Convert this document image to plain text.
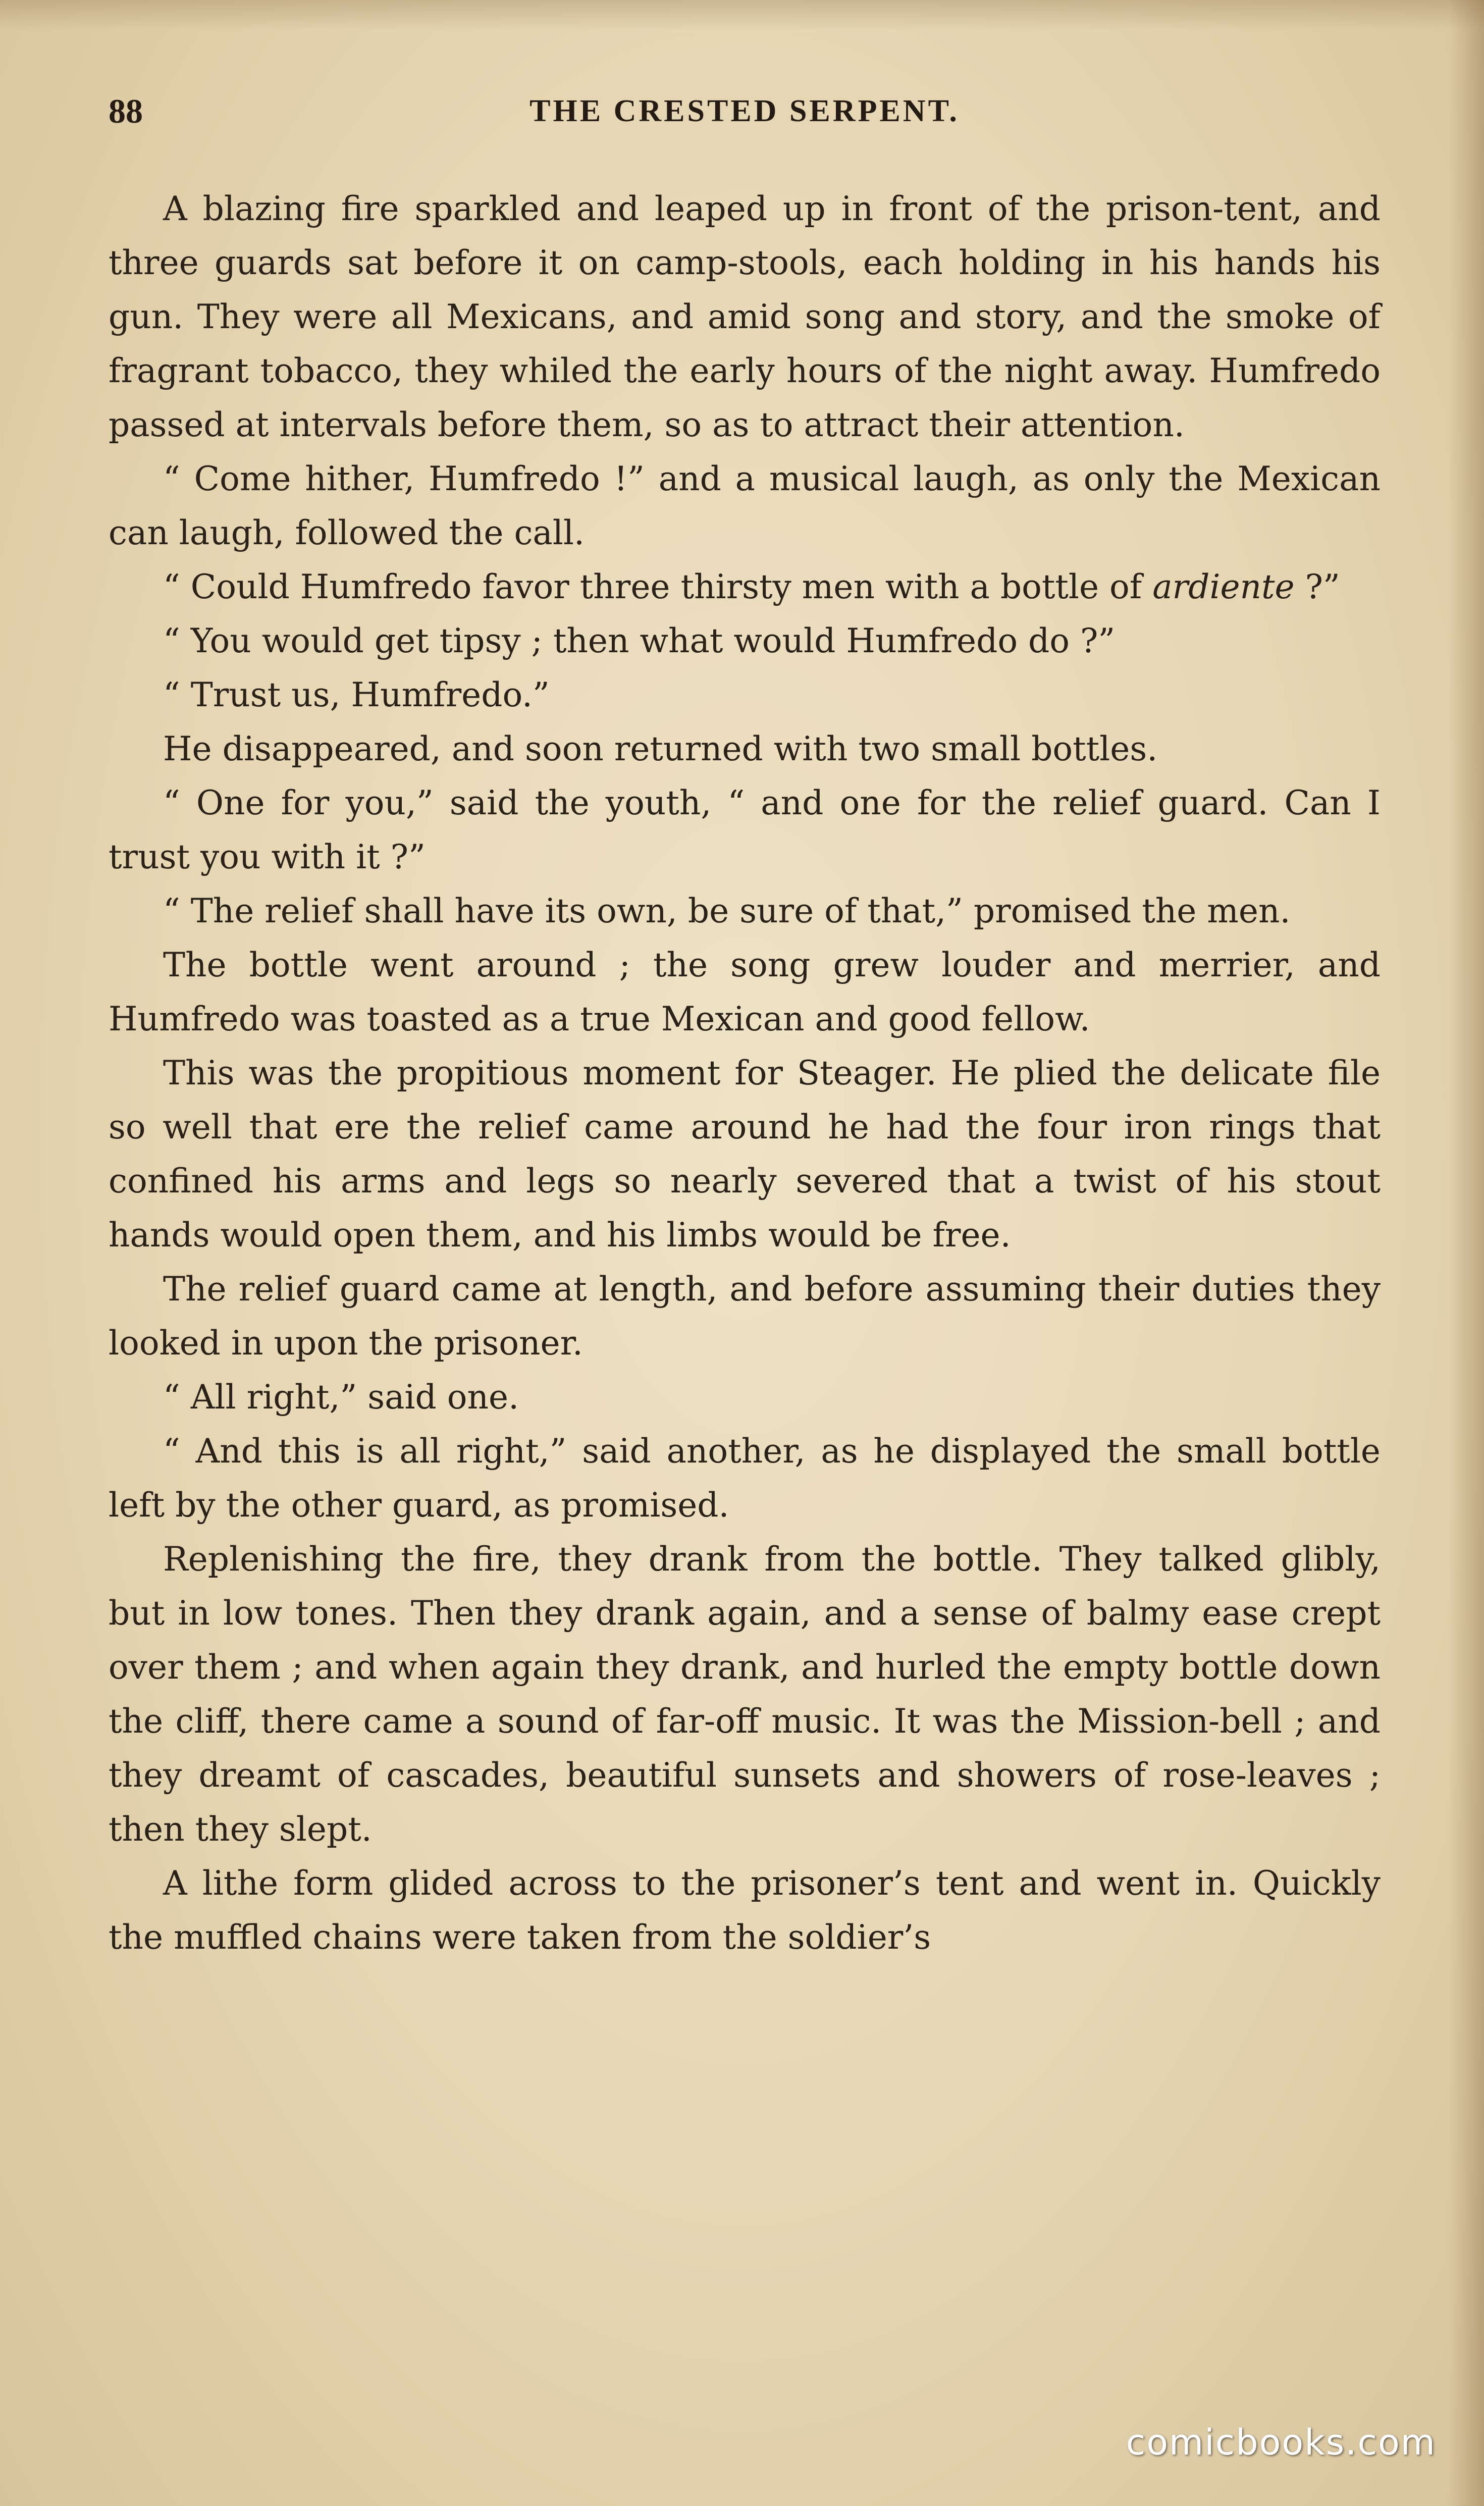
88	THE CRESTED SERPENT.

A blazing fire sparkled and leaped up in front of the prison-tent, and three guards sat before it on camp-stools, each holding in his hands his gun. They were all Mexicans, and amid song and story, and the smoke of fragrant tobacco, they whiled the early hours of the night away. Humfredo passed at intervals before them, so as to attract their attention.

“ Come hither, Humfredo !” and a musical laugh, as only the Mexican can laugh, followed the call.

“ Could Humfredo favor three thirsty men with a bottle of ardiente ?”

“ You would get tipsy ; then what would Humfredo do ?”

“ Trust us, Humfredo.”

He disappeared, and soon returned with two small bottles.

“ One for you,” said the youth, “ and one for the relief guard. Can I trust you with it ?”

“ The relief shall have its own, be sure of that,” promised the men.

The bottle went around ; the song grew louder and merrier, and Humfredo was toasted as a true Mexican and good fellow.

This was the propitious moment for Steager. He plied the delicate file so well that ere the relief came around he had the four iron rings that confined his arms and legs so nearly severed that a twist of his stout hands would open them, and his limbs would be free.

The relief guard came at length, and before assuming their duties they looked in upon the prisoner.

“ All right,” said one.

“ And this is all right,” said another, as he displayed the small bottle left by the other guard, as promised.

Replenishing the fire, they drank from the bottle. They talked glibly, but in low tones. Then they drank again, and a sense of balmy ease crept over them ; and when again they drank, and hurled the empty bottle down the cliff, there came a sound of far-off music. It was the Mission-bell ; and they dreamt of cascades, beautiful sunsets and showers of rose-leaves ; then they slept.

A lithe form glided across to the prisoner’s tent and went in. Quickly the muffled chains were taken from the soldier’s

comicbooks.com
